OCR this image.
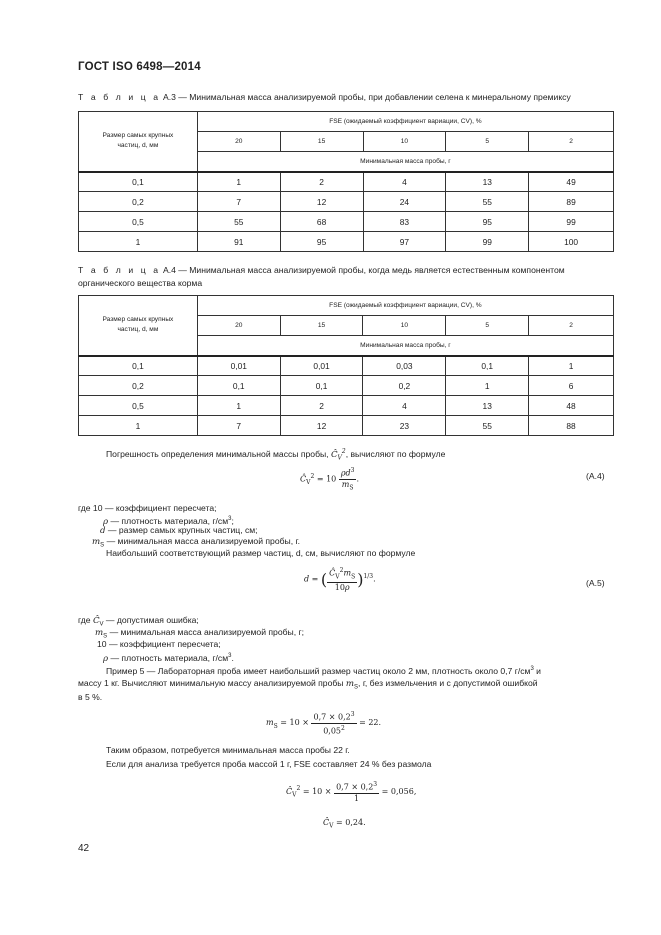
ГОСТ ISO 6498—2014
Т а б л и ц а А.3 — Минимальная масса анализируемой пробы, при добавлении селена к минеральному премиксу
Размер самых крупных частиц, d, мм	FSE (ожидаемый коэффициент вариации, CV), %				
	20	15	10	5	2
	Минимальная масса пробы, г				
0,1	1	2	4	13	49
0,2	7	12	24	55	89
0,5	55	68	83	95	99
1	91	95	97	99	100
Т а б л и ц а А.4 — Минимальная масса анализируемой пробы, когда медь является естественным компонентом органического вещества корма
Размер самых крупных частиц, d, мм	FSE (ожидаемый коэффициент вариации, CV), %				
	20	15	10	5	2
	Минимальная масса пробы, г				
0,1	0,01	0,01	0,03	0,1	1
0,2	0,1	0,1	0,2	1	6
0,5	1	2	4	13	48
1	7	12	23	55	88
Погрешность определения минимальной массы пробы, $Ĉ_V^2$, вычисляют по формуле
$Ĉ_V^2 = 10 \frac{\rho d^3}{m_S}$ .	(А.4)
где 10 — коэффициент пересчета;
ρ — плотность материала, $г/см^3$;
d — размер самых крупных частиц, см;
$m_S$ — минимальная масса анализируемой пробы, г.
Наибольший соответствующий размер частиц, d, см, вычисляют по формуле
d = ( $\frac{Ĉ_V^2m_S}{10\rho} )^{1/3}$.	(А.5)
где $Ĉ_V$ — допустимая ошибка;
$m_S$ — минимальная масса анализируемой пробы, г;
10 — коэффициент пересчета;
ρ — плотность материала, $г/см^3$.
Пример 5 — Лабораторная проба имеет наибольший размер частиц около 2 мм, плотность около 0,7 $г/см^3$ и
массу 1 кг. Вычисляют минимальную массу анализируемой пробы $m_S$, г, без измельчения и с допустимой ошибкой
в 5 %.
$m_S = 10 \times \frac{0,7 \times 0,2^3}{0,05^2} = 22$.
Таким образом, потребуется минимальная масса пробы 22 г.
Если для анализа требуется проба массой 1 г, FSE составляет 24 % без размола
$Ĉ_V^2 = 10 \times \frac{0,7 \times 0,2^3}{1} = 0,056$,
$Ĉ_V = 0,24$.
42
